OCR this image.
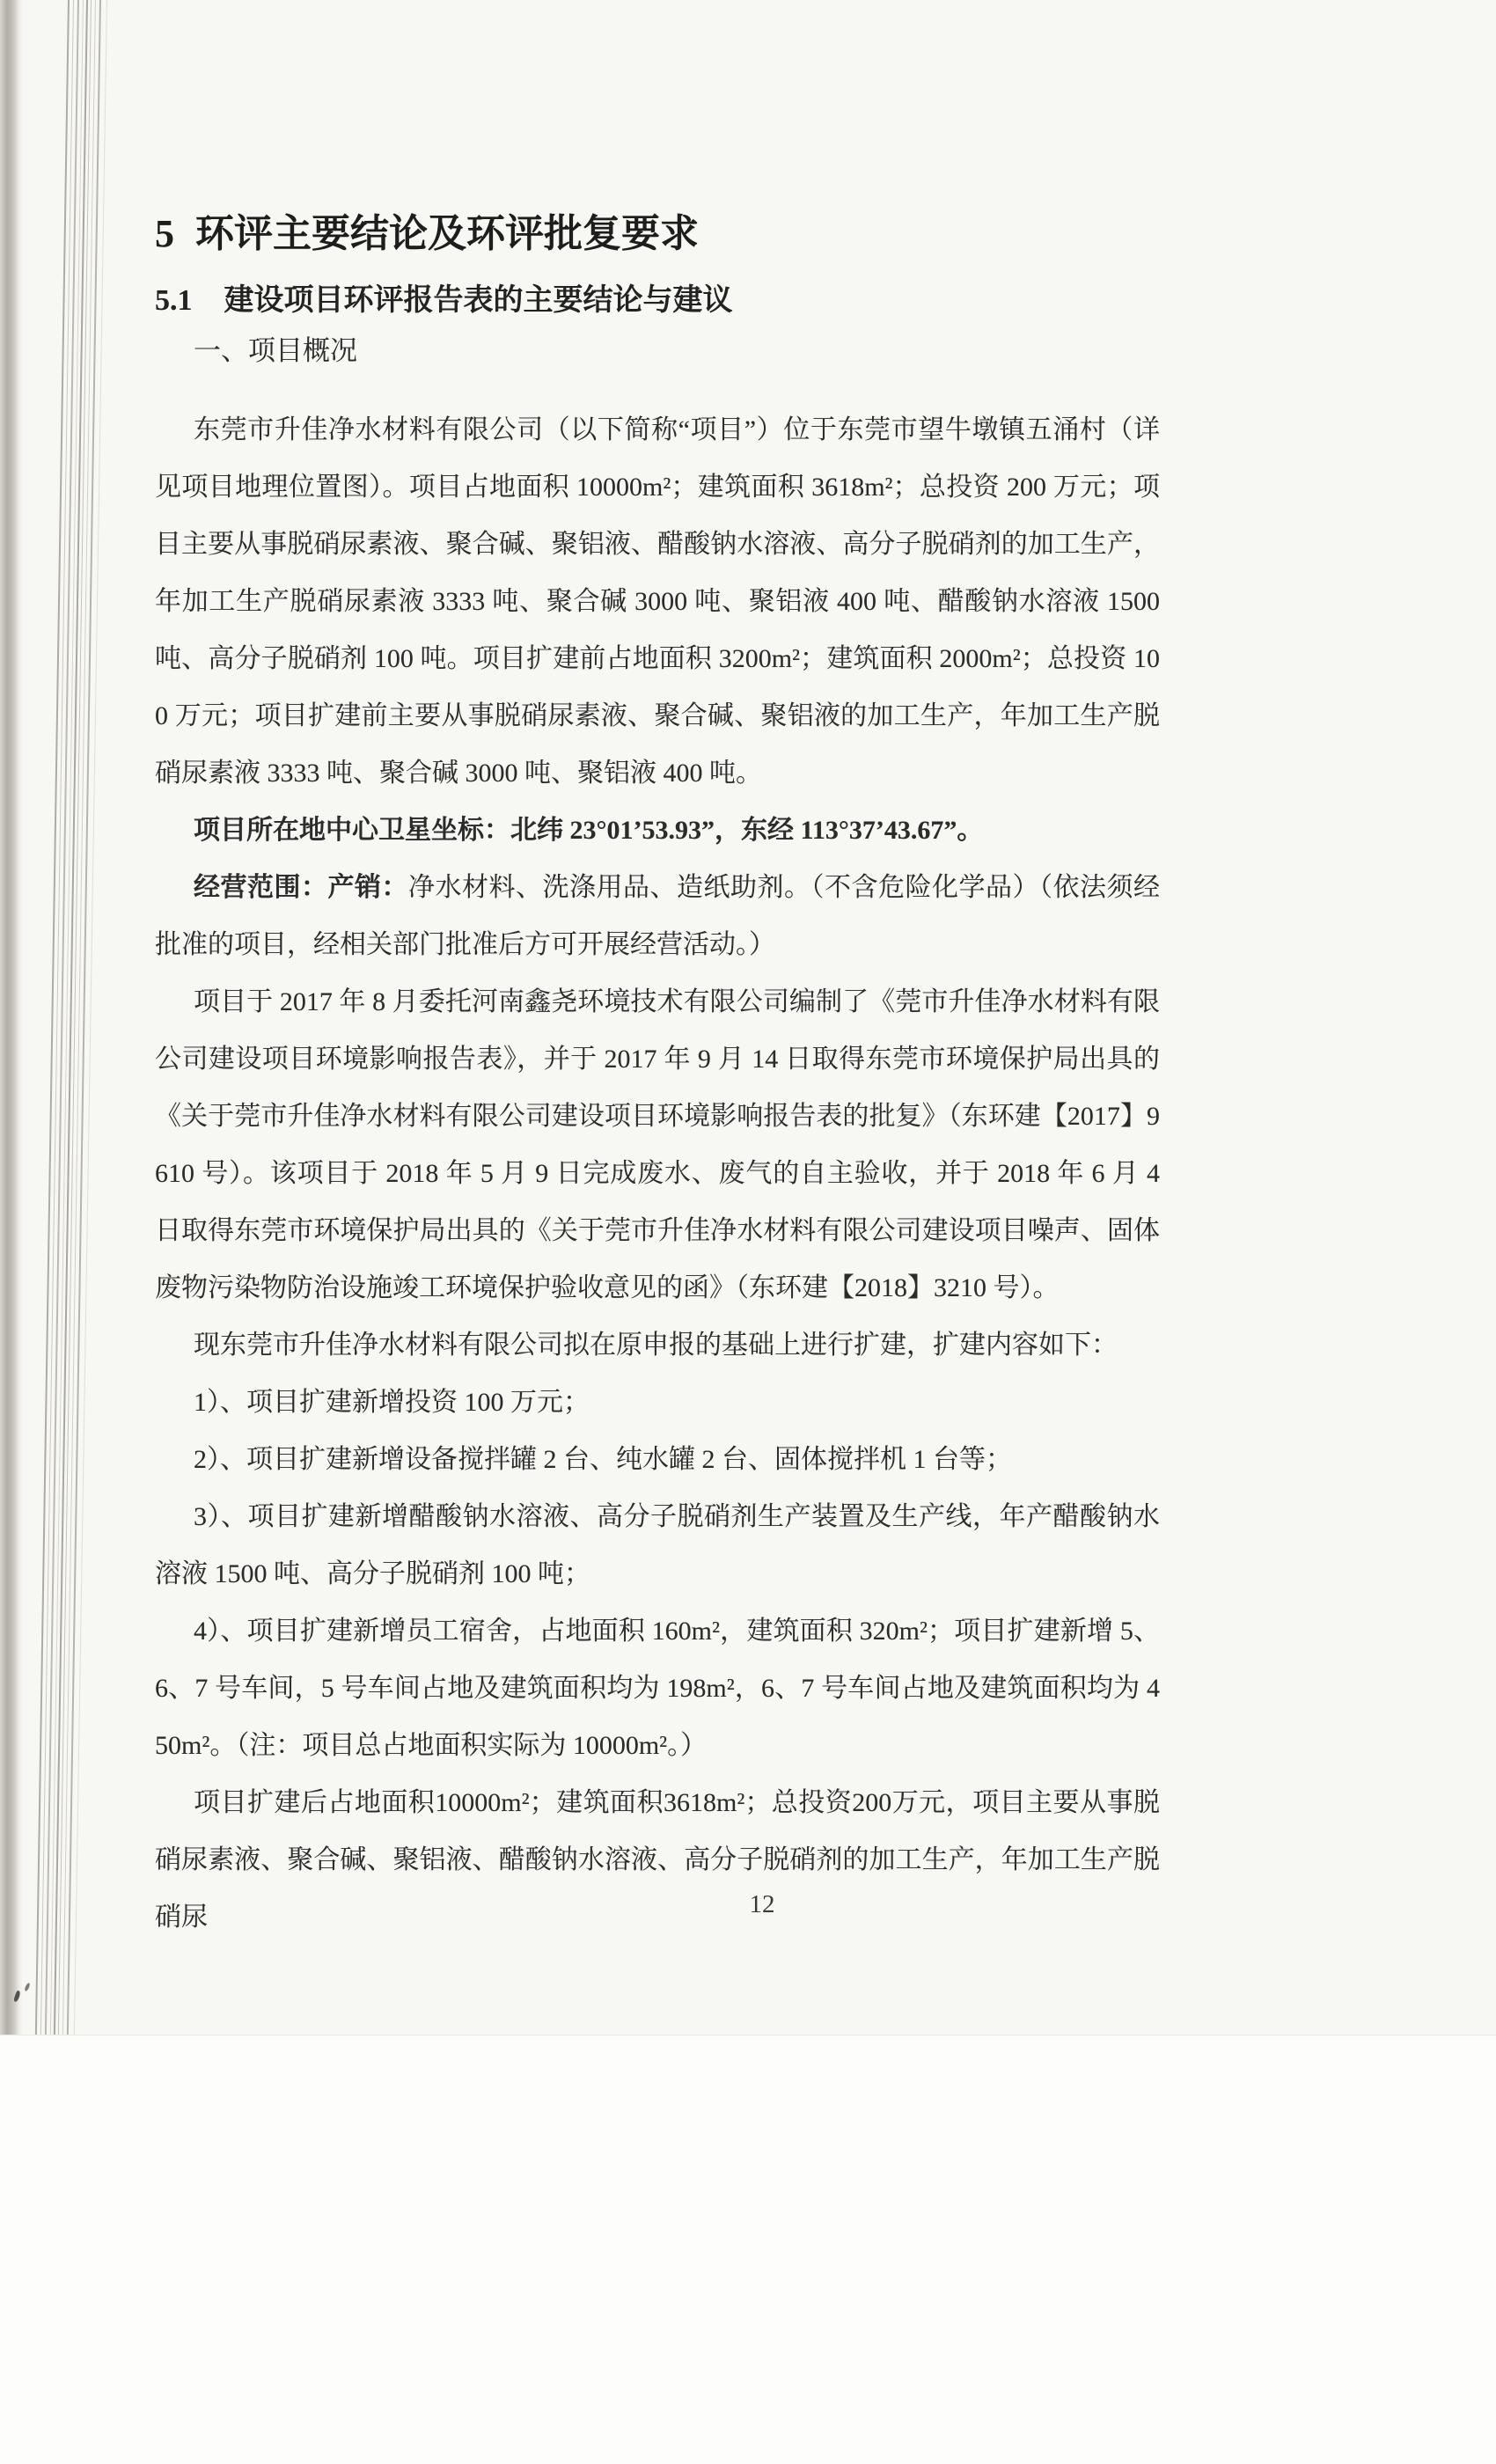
5 环评主要结论及环评批复要求
5.1 建设项目环评报告表的主要结论与建议
一、项目概况

东莞市升佳净水材料有限公司（以下简称“项目”）位于东莞市望牛墩镇五涌村（详见项目地理位置图）。项目占地面积 10000m²；建筑面积 3618m²；总投资 200 万元；项目主要从事脱硝尿素液、聚合碱、聚铝液、醋酸钠水溶液、高分子脱硝剂的加工生产，年加工生产脱硝尿素液 3333 吨、聚合碱 3000 吨、聚铝液 400 吨、醋酸钠水溶液 1500 吨、高分子脱硝剂 100 吨。项目扩建前占地面积 3200m²；建筑面积 2000m²；总投资 100 万元；项目扩建前主要从事脱硝尿素液、聚合碱、聚铝液的加工生产，年加工生产脱硝尿素液 3333 吨、聚合碱 3000 吨、聚铝液 400 吨。

项目所在地中心卫星坐标：北纬 23°01’53.93”，东经 113°37’43.67”。

经营范围：产销：净水材料、洗涤用品、造纸助剂。（不含危险化学品）（依法须经批准的项目，经相关部门批准后方可开展经营活动。）

项目于 2017 年 8 月委托河南鑫尧环境技术有限公司编制了《莞市升佳净水材料有限公司建设项目环境影响报告表》，并于 2017 年 9 月 14 日取得东莞市环境保护局出具的《关于莞市升佳净水材料有限公司建设项目环境影响报告表的批复》（东环建【2017】9610 号）。该项目于 2018 年 5 月 9 日完成废水、废气的自主验收，并于 2018 年 6 月 4 日取得东莞市环境保护局出具的《关于莞市升佳净水材料有限公司建设项目噪声、固体废物污染物防治设施竣工环境保护验收意见的函》（东环建【2018】3210 号）。

现东莞市升佳净水材料有限公司拟在原申报的基础上进行扩建，扩建内容如下：

1）、项目扩建新增投资 100 万元；

2）、项目扩建新增设备搅拌罐 2 台、纯水罐 2 台、固体搅拌机 1 台等；

3）、项目扩建新增醋酸钠水溶液、高分子脱硝剂生产装置及生产线，年产醋酸钠水溶液 1500 吨、高分子脱硝剂 100 吨；

4）、项目扩建新增员工宿舍，占地面积 160m²，建筑面积 320m²；项目扩建新增 5、6、7 号车间，5 号车间占地及建筑面积均为 198m²，6、7 号车间占地及建筑面积均为 450m²。（注：项目总占地面积实际为 10000m²。）

项目扩建后占地面积10000m²；建筑面积3618m²；总投资200万元，项目主要从事脱硝尿素液、聚合碱、聚铝液、醋酸钠水溶液、高分子脱硝剂的加工生产，年加工生产脱硝尿	12
